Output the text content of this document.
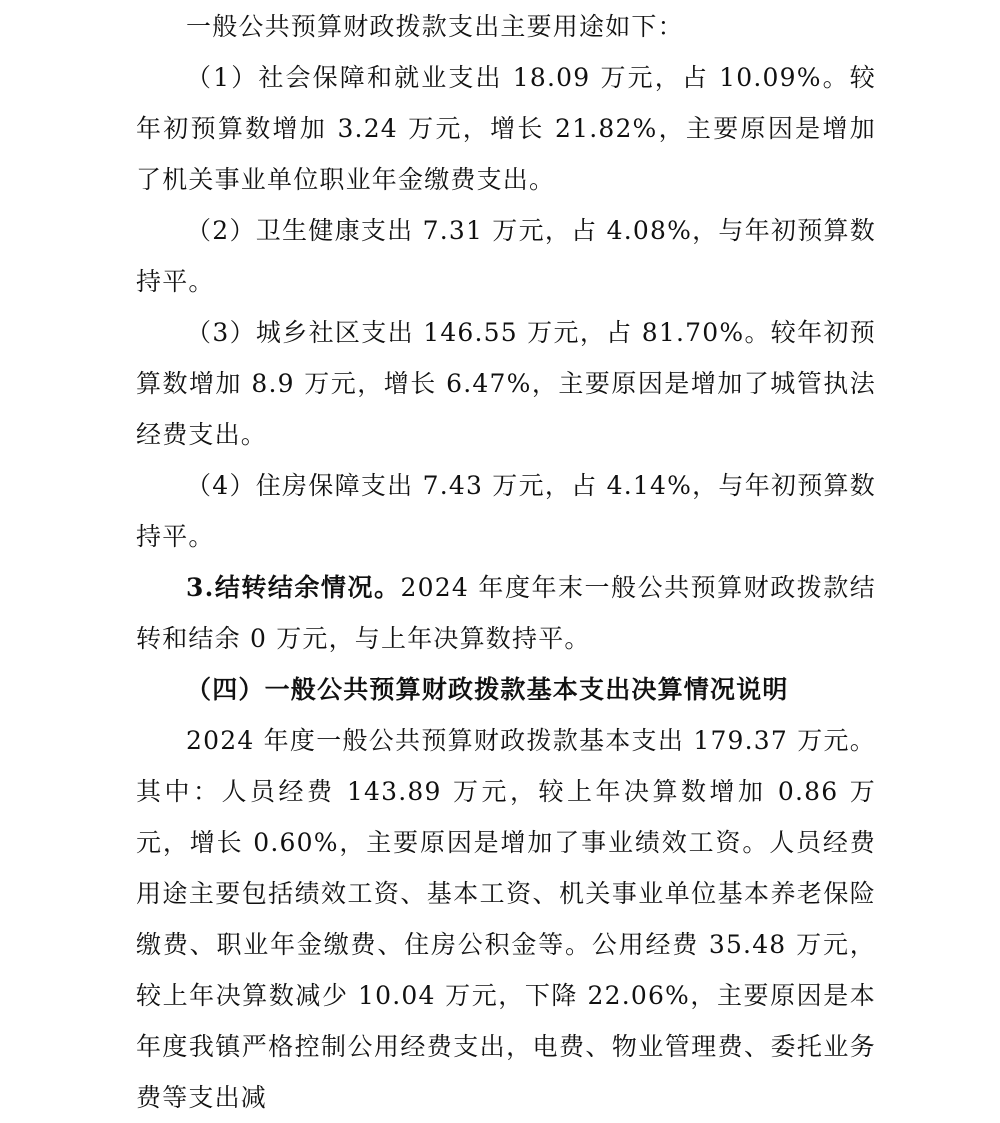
一般公共预算财政拨款支出主要用途如下：

（1）社会保障和就业支出 18.09 万元，占 10.09%。较年初预算数增加 3.24 万元，增长 21.82%，主要原因是增加了机关事业单位职业年金缴费支出。

（2）卫生健康支出 7.31 万元，占 4.08%，与年初预算数持平。

（3）城乡社区支出 146.55 万元，占 81.70%。较年初预算数增加 8.9 万元，增长 6.47%，主要原因是增加了城管执法经费支出。

（4）住房保障支出 7.43 万元，占 4.14%，与年初预算数持平。

3.结转结余情况。2024 年度年末一般公共预算财政拨款结转和结余 0 万元，与上年决算数持平。

（四）一般公共预算财政拨款基本支出决算情况说明

2024 年度一般公共预算财政拨款基本支出 179.37 万元。其中：人员经费 143.89 万元，较上年决算数增加 0.86 万元，增长 0.60%，主要原因是增加了事业绩效工资。人员经费用途主要包括绩效工资、基本工资、机关事业单位基本养老保险缴费、职业年金缴费、住房公积金等。公用经费 35.48 万元，较上年决算数减少 10.04 万元，下降 22.06%，主要原因是本年度我镇严格控制公用经费支出，电费、物业管理费、委托业务费等支出减
